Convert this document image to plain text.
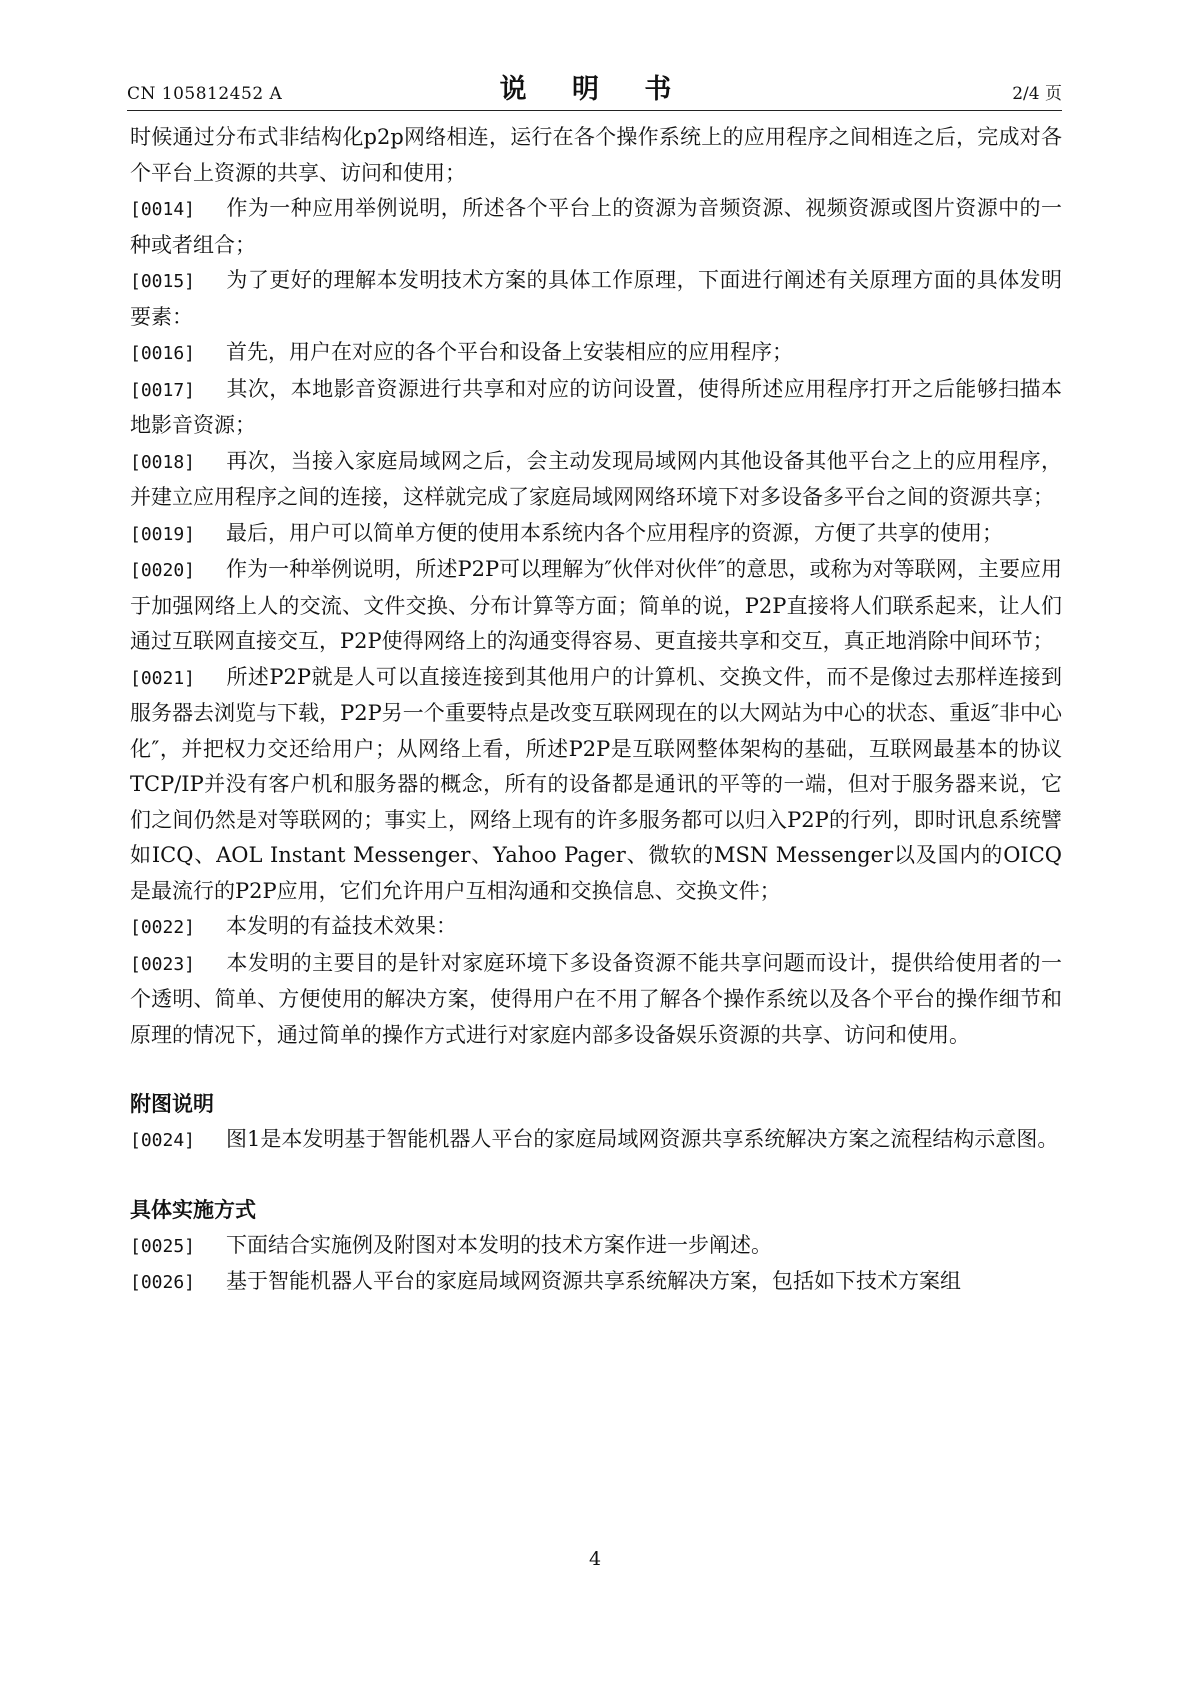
CN 105812452 A	说 明 书	2/4 页

时候通过分布式非结构化p2p网络相连，运行在各个操作系统上的应用程序之间相连之后，完成对各个平台上资源的共享、访问和使用；

[0014] 作为一种应用举例说明，所述各个平台上的资源为音频资源、视频资源或图片资源中的一种或者组合；

[0015] 为了更好的理解本发明技术方案的具体工作原理，下面进行阐述有关原理方面的具体发明要素：

[0016] 首先，用户在对应的各个平台和设备上安装相应的应用程序；

[0017] 其次，本地影音资源进行共享和对应的访问设置，使得所述应用程序打开之后能够扫描本地影音资源；

[0018] 再次，当接入家庭局域网之后，会主动发现局域网内其他设备其他平台之上的应用程序，并建立应用程序之间的连接，这样就完成了家庭局域网网络环境下对多设备多平台之间的资源共享；

[0019] 最后，用户可以简单方便的使用本系统内各个应用程序的资源，方便了共享的使用；

[0020] 作为一种举例说明，所述P2P可以理解为″伙伴对伙伴″的意思，或称为对等联网，主要应用于加强网络上人的交流、文件交换、分布计算等方面；简单的说，P2P直接将人们联系起来，让人们通过互联网直接交互，P2P使得网络上的沟通变得容易、更直接共享和交互，真正地消除中间环节；

[0021] 所述P2P就是人可以直接连接到其他用户的计算机、交换文件，而不是像过去那样连接到服务器去浏览与下载，P2P另一个重要特点是改变互联网现在的以大网站为中心的状态、重返″非中心化″，并把权力交还给用户；从网络上看，所述P2P是互联网整体架构的基础，互联网最基本的协议TCP/IP并没有客户机和服务器的概念，所有的设备都是通讯的平等的一端，但对于服务器来说，它们之间仍然是对等联网的；事实上，网络上现有的许多服务都可以归入P2P的行列，即时讯息系统譬如ICQ、AOL Instant Messenger、Yahoo Pager、微软的MSN Messenger以及国内的OICQ是最流行的P2P应用，它们允许用户互相沟通和交换信息、交换文件；

[0022] 本发明的有益技术效果：

[0023] 本发明的主要目的是针对家庭环境下多设备资源不能共享问题而设计，提供给使用者的一个透明、简单、方便使用的解决方案，使得用户在不用了解各个操作系统以及各个平台的操作细节和原理的情况下，通过简单的操作方式进行对家庭内部多设备娱乐资源的共享、访问和使用。

附图说明

[0024] 图1是本发明基于智能机器人平台的家庭局域网资源共享系统解决方案之流程结构示意图。

具体实施方式

[0025] 下面结合实施例及附图对本发明的技术方案作进一步阐述。

[0026] 基于智能机器人平台的家庭局域网资源共享系统解决方案，包括如下技术方案组

4
